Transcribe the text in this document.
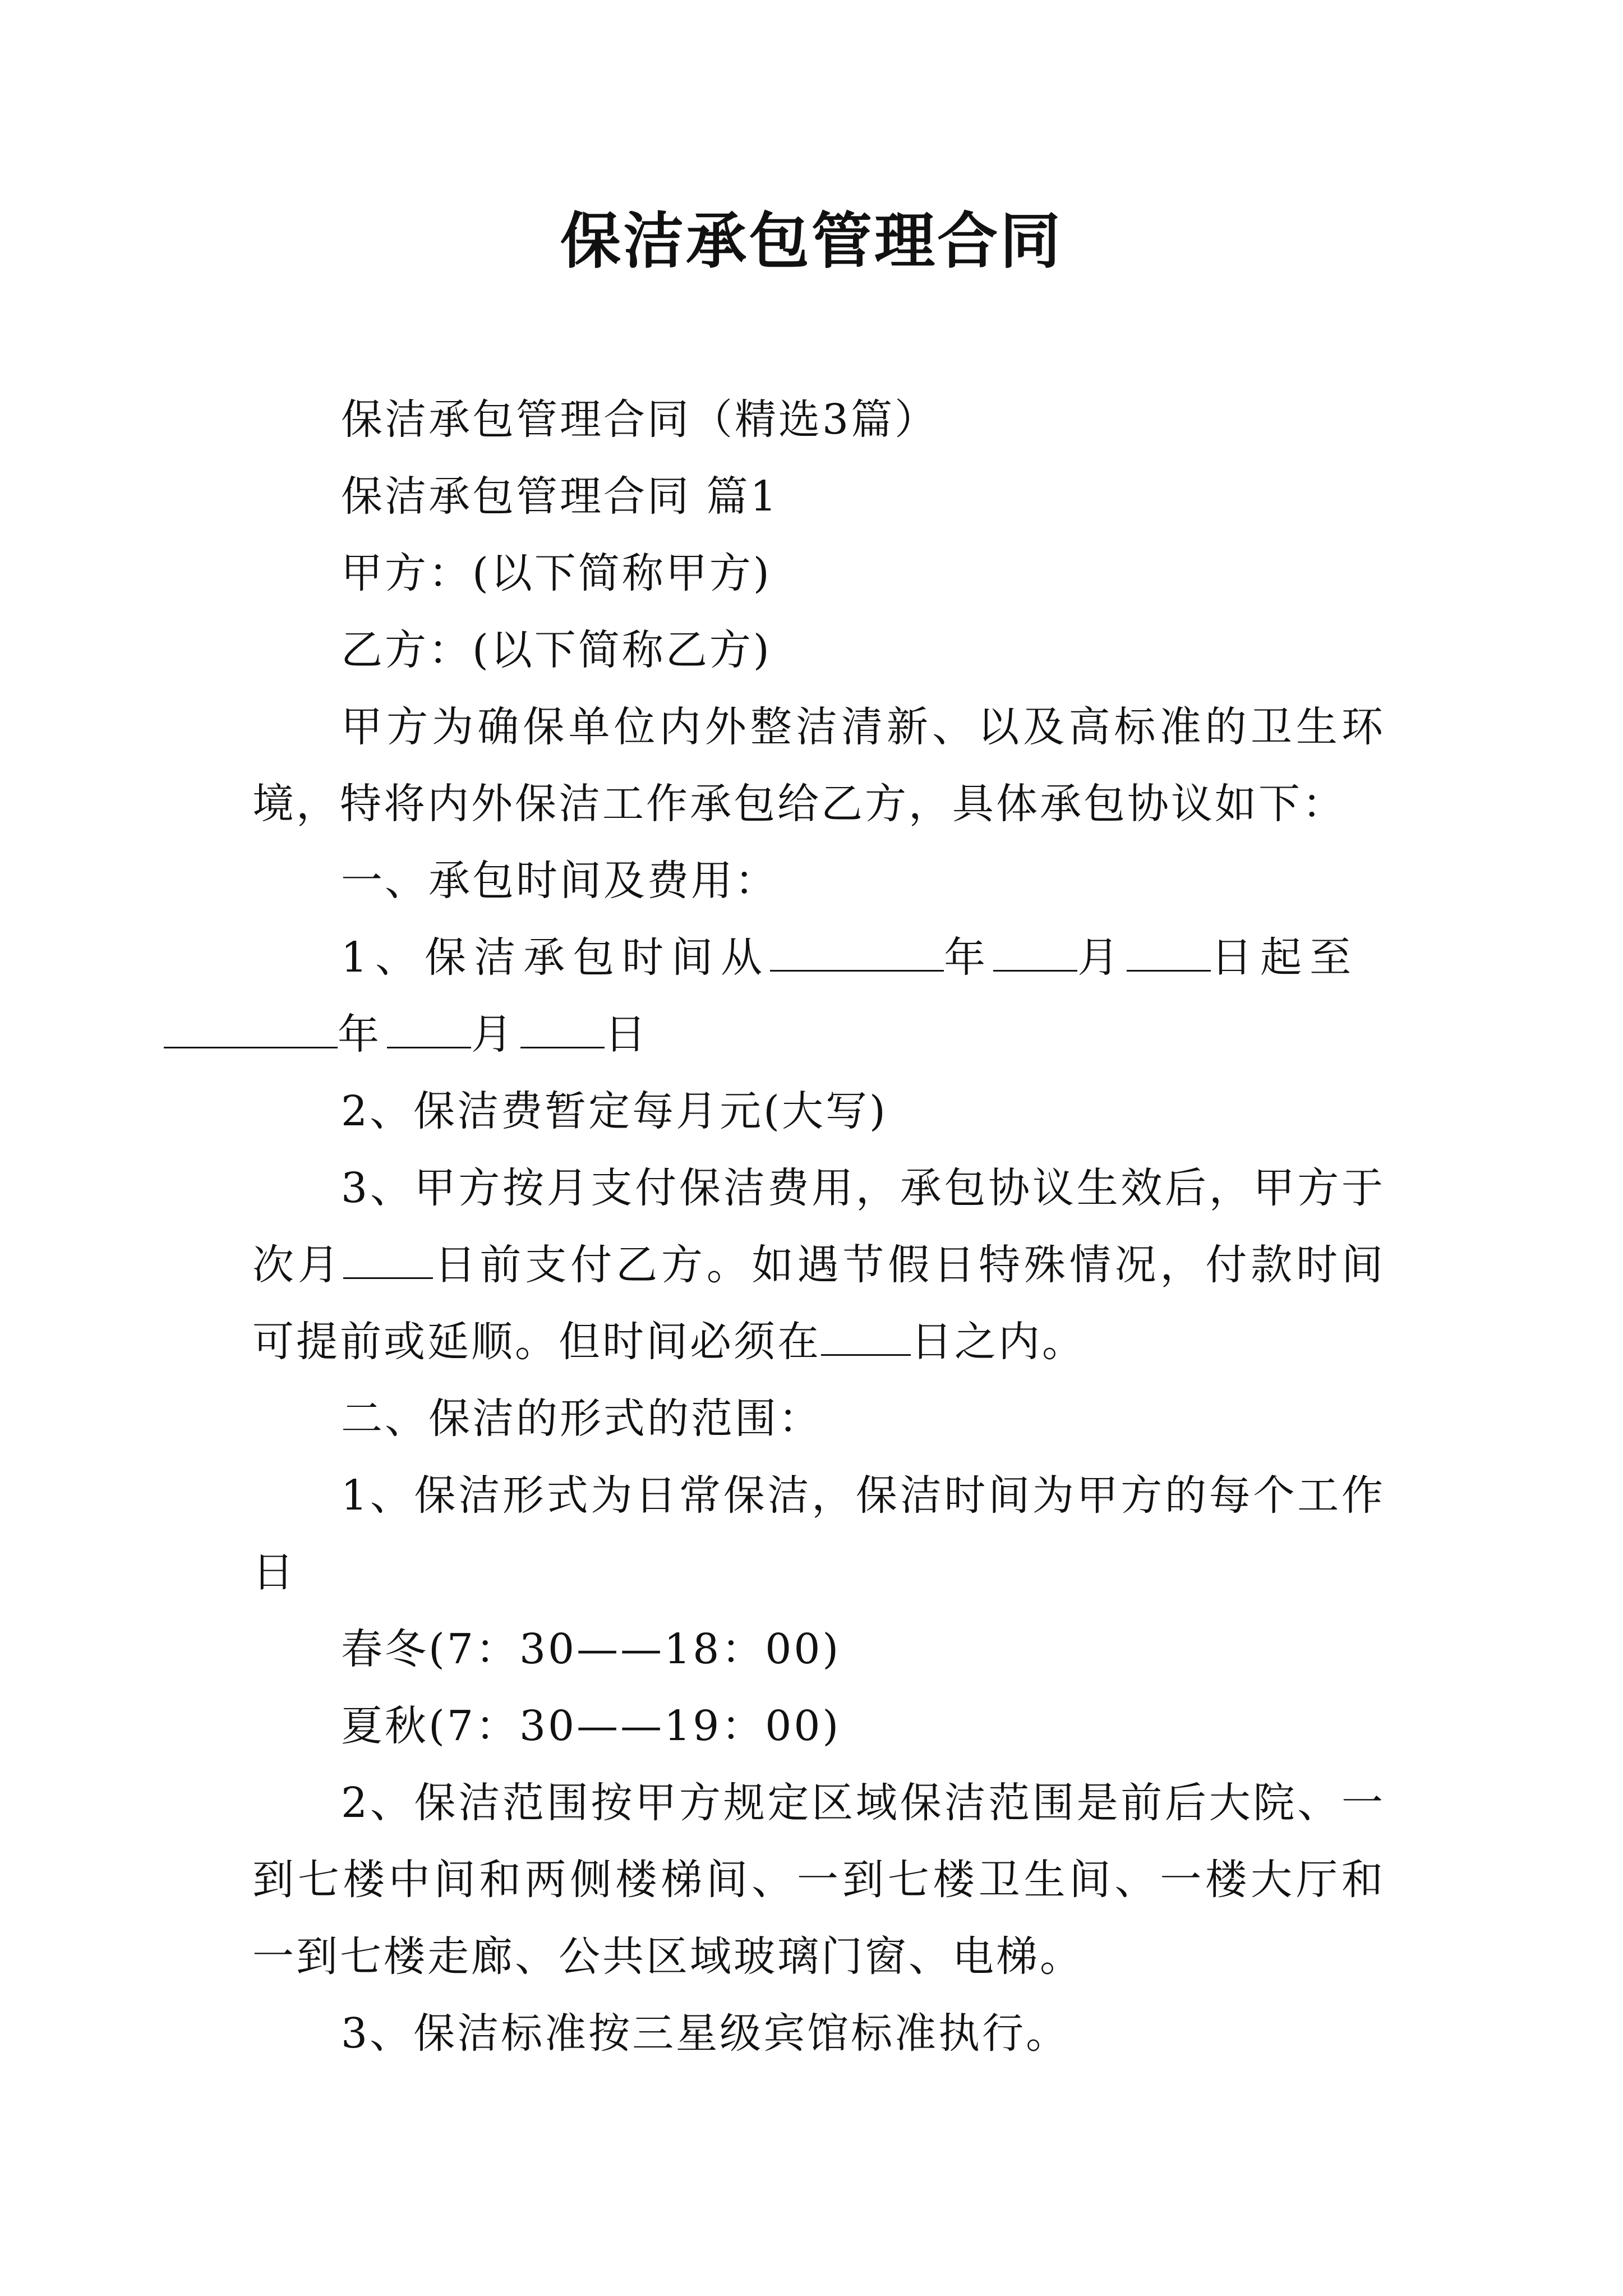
保洁承包管理合同

保洁承包管理合同（精选3篇）

保洁承包管理合同 篇1

甲方：(以下简称甲方)

乙方：(以下简称乙方)

甲方为确保单位内外整洁清新、以及高标准的卫生环境，特将内外保洁工作承包给乙方，具体承包协议如下：

一、承包时间及费用：

1、保洁承包时间从	年 月 日起至
年 月 日

2、保洁费暂定每月元(大写)

3、甲方按月支付保洁费用，承包协议生效后，甲方于次月 日前支付乙方。如遇节假日特殊情况，付款时间可提前或延顺。但时间必须在 日之内。

二、保洁的形式的范围：

1、保洁形式为日常保洁，保洁时间为甲方的每个工作日

春冬(7：30——18：00)

夏秋(7：30——19：00)

2、保洁范围按甲方规定区域保洁范围是前后大院、一到七楼中间和两侧楼梯间、一到七楼卫生间、一楼大厅和一到七楼走廊、公共区域玻璃门窗、电梯。

3、保洁标准按三星级宾馆标准执行。
